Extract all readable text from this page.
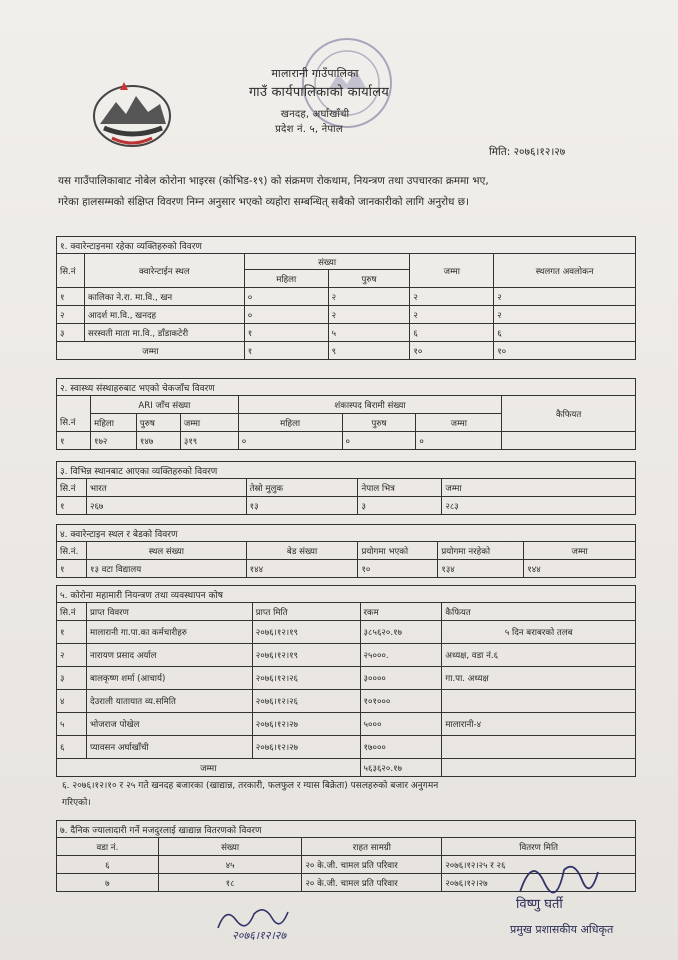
मालारानी गाउँपालिका
गाउँ कार्यपालिकाको कार्यालय
खनदह, अर्घाखाँची
प्रदेश नं. ५, नेपाल
मिति: २०७६।१२।२७
यस गाउँपालिकाबाट नोबेल कोरोना भाइरस (कोभिड-१९) को संक्रमण रोकथाम, नियन्त्रण तथा उपचारका क्रममा भए,
गरेका हालसम्मको संक्षिप्त विवरण निम्न अनुसार भएको व्यहोरा सम्बन्धित् सबैको जानकारीको लागि अनुरोध छ।
१. क्वारेन्टाइनमा रहेका व्यक्तिहरुको विवरण					
सि.नं	क्वारेन्टाईन स्थल	संख्या		जम्मा	स्थलगत अवलोकन
		महिला	पुरुष		
१	कालिका ने.रा. मा.वि., खन	०	२	२	२
२	आदर्श मा.वि., खनदह	०	२	२	२
३	सरस्वती माता मा.वि., डाँडाकटेरी	१	५	६	६
जम्मा		१	९	१०	१०
२. स्वास्थ्य संस्थाहरुबाट भएको चेकजाँच विवरण							
	ARI जाँच संख्या			शंकास्पद बिरामी संख्या			कैफियत
सि.नं	महिला	पुरुष	जम्मा	महिला	पुरुष	जम्मा	
१	१७२	१४७	३१९	०	०	०	
३. विभिन्न स्थानबाट आएका व्यक्तिहरुको विवरण				
सि.नं	भारत	तेस्रो मुलुक	नेपाल भित्र	जम्मा
१	२६७	१३	३	२८३
४. क्वारेन्टाइन स्थल र बेडको विवरण					
सि.नं.	स्थल संख्या	बेड संख्या	प्रयोगमा भएको	प्रयोगमा नरहेको	जम्मा
१	१३ वटा विद्यालय	१४४	१०	१३४	१४४
५. कोरोना महामारी नियन्त्रण तथा व्यवस्थापन कोष				
सि.नं	प्राप्त विवरण	प्राप्त मिति	रकम	कैफियत
१	मालारानी गा.पा.का कर्मचारीहरु	२०७६।१२।१९	३८५६२०.१७	५ दिन बराबरको तलब
२	नारायण प्रसाद अर्याल	२०७६।१२।१९	२५०००.	अध्यक्ष, वडा नं.६
३	बालकृष्ण शर्मा (आचार्य)	२०७६।१२।२६	३००००	गा.पा. अध्यक्ष
४	देउराली यातायात व्य.समिति	२०७६।१२।२६	१०१०००	
५	भोजराज पोखेल	२०७६।१२।२७	५०००	मालारानी-४
६	प्यावसन अर्घाखाँची	२०७६।१२।२७	१७०००	
जम्मा			५६३६२०.१७	
६. २०७६।१२।१० र २५ गते खनदह बजारका (खाद्यान्न, तरकारी, फलफुल र ग्यास बिक्रेता) पसलहरुको बजार अनुगमन
गरिएको।
७. दैनिक ज्यालादारी गर्ने मजदुरलाई खाद्यान्न वितरणको विवरण			
वडा नं.	संख्या	राहत सामग्री	वितरण मिति
६	४५	२० के.जी. चामल प्रति परिवार	२०७६।१२।२५ र २६
७	१८	२० के.जी. चामल प्रति परिवार	२०७६।१२।२७
२०७६।१२।२७
विष्णु घर्ती
प्रमुख प्रशासकीय अधिकृत
